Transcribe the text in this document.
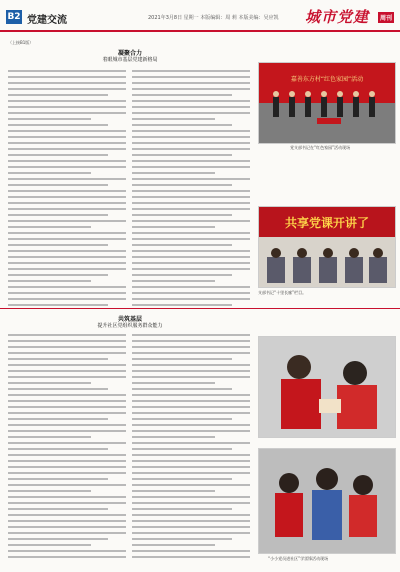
B2 党建交流	2021年3月8日 星期一 本版编辑：周 莉 本版美编：吴应凯 城市党建	周刊
（上接B1版）
凝聚合力
着眼城市基层党建新格局
嘉善东方村“红色家园”活动
党支部书记在“红色家园”活动现场
共享党课开讲了
支部书记“十里长廊”栏目。
共筑基层
提升社区党组织服务群众能力
“小小党员进社区”学雷锋活动现场
